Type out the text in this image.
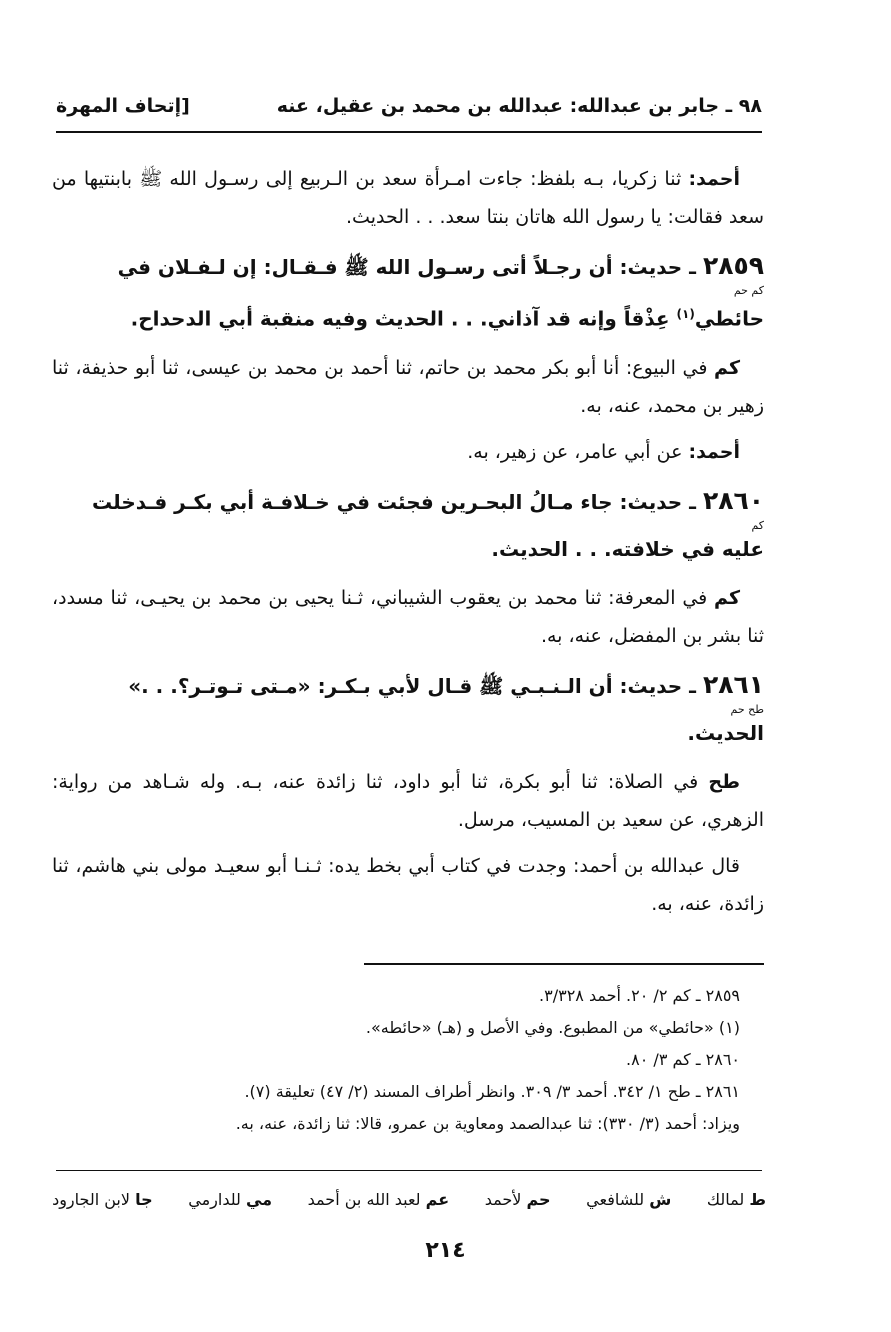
٩٨ ـ جابر بن عبدالله: عبدالله بن محمد بن عقيل، عنه
[إتحاف المهرة

أحمد: ثنا زكريا، بـه بلفظ: جاءت امـرأة سعد بن الـربيع إلى رسـول الله ﷺ بابنتيها من سعد فقالت: يا رسول الله هاتان بنتا سعد. . . الحديث.

٢٨٥٩ ـ حديث: أن رجـلاً أتى رسـول الله ﷺ فـقـال: إن لـفـلان في
كم حم
حائطي$^{(١)}$ عِذْقاً وإنه قد آذاني. . . الحديث وفيه منقبة أبي الدحداح.

كم في البيوع: أنا أبو بكر محمد بن حاتم، ثنا أحمد بن محمد بن عيسى، ثنا أبو حذيفة، ثنا زهير بن محمد، عنه، به.

أحمد: عن أبي عامر، عن زهير، به.

٢٨٦٠ ـ حديث: جاء مـالُ البحـرين فجئت في خـلافـة أبي بكـر فـدخلت
كم
عليه في خلافته. . . الحديث.

كم في المعرفة: ثنا محمد بن يعقوب الشيباني، ثـنا يحيى بن محمد بن يحيـى، ثنا مسدد، ثنا بشر بن المفضل، عنه، به.

٢٨٦١ ـ حديث: أن الـنـبـي ﷺ قـال لأبي بـكـر: «مـتى تـوتـر؟. . .»
طح حم
الحديث.

طح في الصلاة: ثنا أبو بكرة، ثنا أبو داود، ثنا زائدة عنه، بـه. وله شـاهد من رواية: الزهري، عن سعيد بن المسيب، مرسل.

قال عبدالله بن أحمد: وجدت في كتاب أبي بخط يده: ثـنـا أبو سعيـد مولى بني هاشم، ثنا زائدة، عنه، به.

٢٨٥٩ ـ كم ٢/ ٢٠. أحمد ٣/٣٢٨.

(١) «حائطي» من المطبوع. وفي الأصل و (هـ) «حائطه».

٢٨٦٠ ـ كم ٣/ ٨٠.

٢٨٦١ ـ طح ١/ ٣٤٢. أحمد ٣/ ٣٠٩. وانظر أطراف المسند (٢/ ٤٧) تعليقة (٧).

ويزاد: أحمد (٣/ ٣٣٠): ثنا عبدالصمد ومعاوية بن عمرو، قالا: ثنا زائدة، عنه، به.

ط لمالك
ش للشافعي
حم لأحمد
عم لعبد الله بن أحمد
مي للدارمي
جا لابن الجارود
٢١٤
